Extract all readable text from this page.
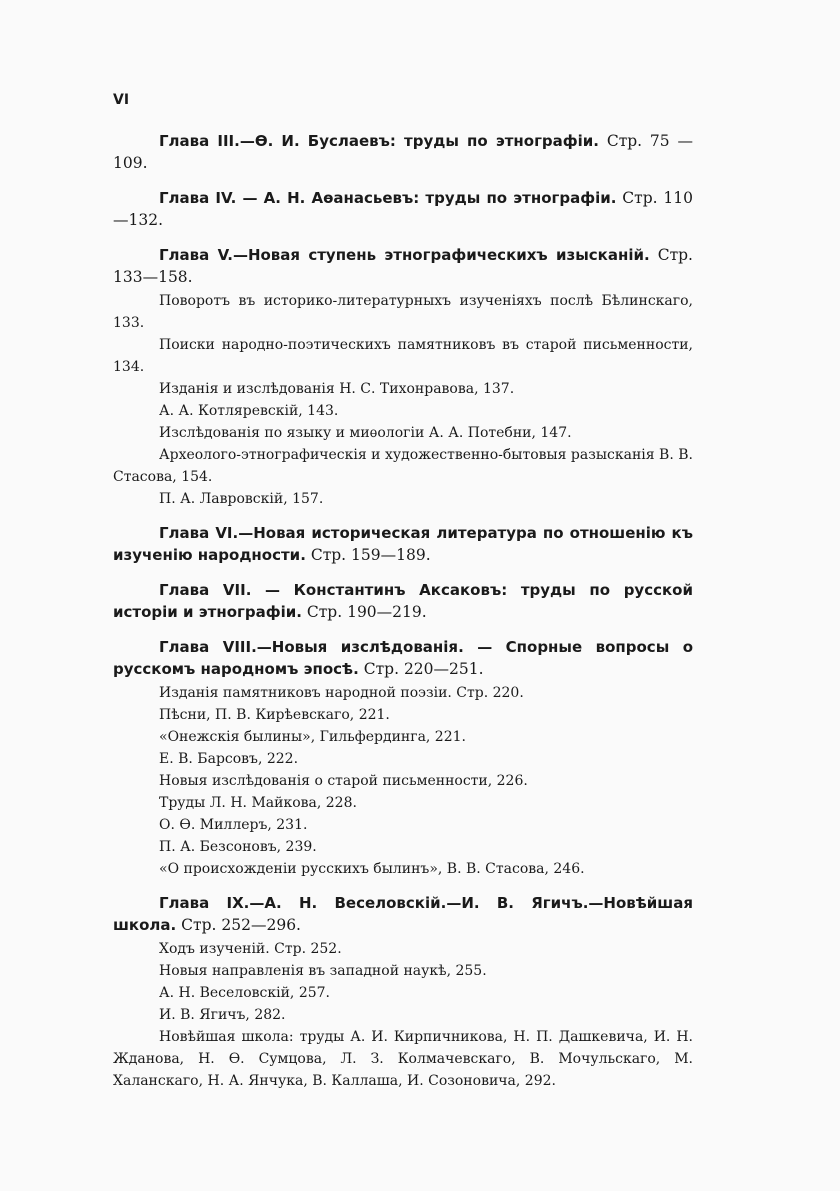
VI

Глава III.—Ѳ. И. Буслаевъ: труды по этнографіи. Стр. 75 — 109.

Глава IV. — А. Н. Аѳанасьевъ: труды по этнографіи. Стр. 110—132.

Глава V.—Новая ступень этнографическихъ изысканій. Стр. 133—158.

Поворотъ въ историко-литературныхъ изученіяхъ послѣ Бѣлинскаго, 133.

Поиски народно-поэтическихъ памятниковъ въ старой письменности, 134.

Изданія и изслѣдованія Н. С. Тихонравова, 137.

А. А. Котляревскій, 143.

Изслѣдованія по языку и миѳологіи А. А. Потебни, 147.

Археолого-этнографическія и художественно-бытовыя разысканія В. В. Стасова, 154.

П. А. Лавровскій, 157.

Глава VI.—Новая историческая литература по отношенію къ изученію народности. Стр. 159—189.

Глава VII. — Константинъ Аксаковъ: труды по русской исторіи и этнографіи. Стр. 190—219.

Глава VIII.—Новыя изслѣдованія. — Спорные вопросы о русскомъ народномъ эпосѣ. Стр. 220—251.

Изданія памятниковъ народной поэзіи. Стр. 220.

Пѣсни, П. В. Кирѣевскаго, 221.

«Онежскія былины», Гильфердинга, 221.

Е. В. Барсовъ, 222.

Новыя изслѣдованія о старой письменности, 226.

Труды Л. Н. Майкова, 228.

О. Ѳ. Миллеръ, 231.

П. А. Безсоновъ, 239.

«О происхожденіи русскихъ былинъ», В. В. Стасова, 246.

Глава IX.—А. Н. Веселовскій.—И. В. Ягичъ.—Новѣйшая школа. Стр. 252—296.

Ходъ изученій. Стр. 252.

Новыя направленія въ западной наукѣ, 255.

А. Н. Веселовскій, 257.

И. В. Ягичъ, 282.

Новѣйшая школа: труды А. И. Кирпичникова, Н. П. Дашкевича, И. Н. Жданова, Н. Ѳ. Сумцова, Л. З. Колмачевскаго, В. Мочульскаго, М. Халанскаго, Н. А. Янчука, В. Каллаша, И. Созоновича, 292.
